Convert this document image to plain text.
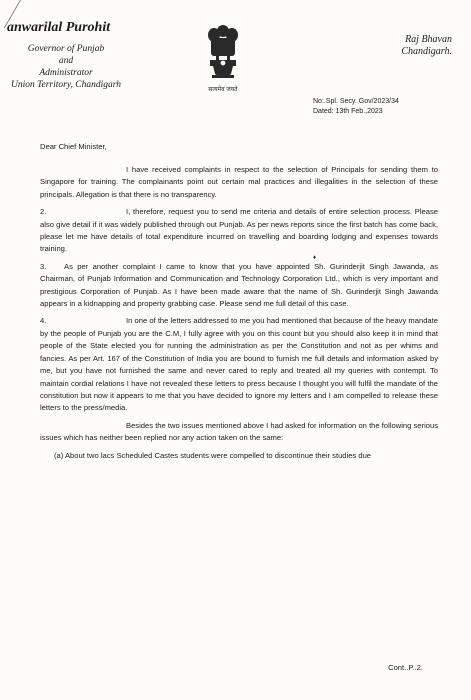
anwarilal Purohit
Governor of Punjab
and
Administrator
Union Territory, Chandigarh	सत्यमेव जयते
Raj Bhavan
Chandigarh.
No:.Spl. Secy. Gov/2023/34
Dated: 13th Feb.,2023
Dear Chief Minister,

I have received complaints in respect to the selection of Principals for sending them to Singapore for training. The complainants point out certain mal practices and illegalities in the selection of these principals. Allegation is that there is no transparency.

2.	I, therefore, request you to send me criteria and details of entire selection process. Please also give detail if it was widely published through out Punjab. As per news reports since the first batch has come back, please let me have details of total expenditure incurred on travelling and boarding lodging and expenses towards training.

3. As per another complaint I came to know that you have appointed Sh. Gurinderjit Singh Jawanda, as Chairman, of Punjab Information and Communication and Technology Corporation Ltd., which is very important and prestigious Corporation of Punjab. As I have been made aware that the name of Sh. Gurinderjit Singh Jawanda appears in a kidnapping and property grabbing case. Please send me full detail of this case.

4.	In one of the letters addressed to me you had mentioned that because of the heavy mandate by the people of Punjab you are the C.M, I fully agree with you on this count but you should also keep it in mind that people of the State elected you for running the administration as per the Constitution and not as per whims and fancies. As per Art. 167 of the Constitution of India you are bound to furnish me full details and information asked by me, but you have not furnished the same and never cared to reply and treated all my queries with contempt. To maintain cordial relations I have not revealed these letters to press because I thought you will fulfil the mandate of the constitution but now it appears to me that you have decided to ignore my letters and I am compelled to release these letters to the press/media.

Besides the two issues mentioned above I had asked for information on the following serious issues which has neither been replied nor any action taken on the same:

(a) About two lacs Scheduled Castes students were compelled to discontinue their studies due

♦
Cont..P..2.
